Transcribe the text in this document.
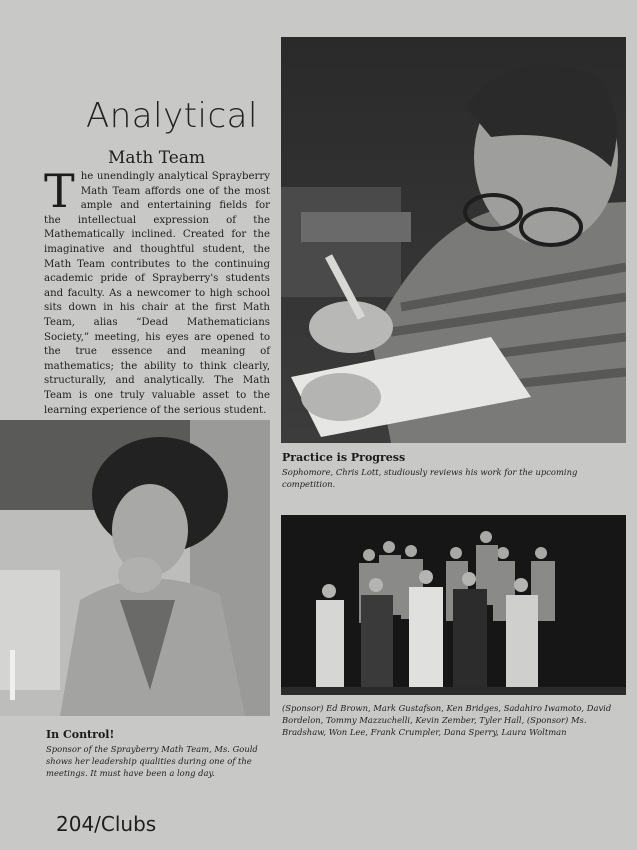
Analytical
Math Team
The unendingly analytical Sprayberry Math Team affords one of the most ample and entertaining fields for the intellectual expression of the Mathematically inclined. Created for the imaginative and thoughtful student, the Math Team contributes to the continuing academic pride of Sprayberry's students and faculty. As a newcomer to high school sits down in his chair at the first Math Team, alias “Dead Mathematicians Society,” meeting, his eyes are opened to the true essence and meaning of mathematics; the ability to think clearly, structurally, and analytically. The Math Team is one truly valuable asset to the learning experience of the serious student.
Practice is Progress
Sophomore, Chris Lott, studiously reviews his work for the upcoming competition.
In Control!
Sponsor of the Sprayberry Math Team, Ms. Gould shows her leadership qualities during one of the meetings. It must have been a long day.
(Sponsor) Ed Brown, Mark Gustafson, Ken Bridges, Sadahiro Iwamoto, David Bordelon, Tommy Mazzuchelli, Kevin Zember, Tyler Hall, (Sponsor) Ms. Bradshaw, Won Lee, Frank Crumpler, Dana Sperry, Laura Woltman
204/Clubs
